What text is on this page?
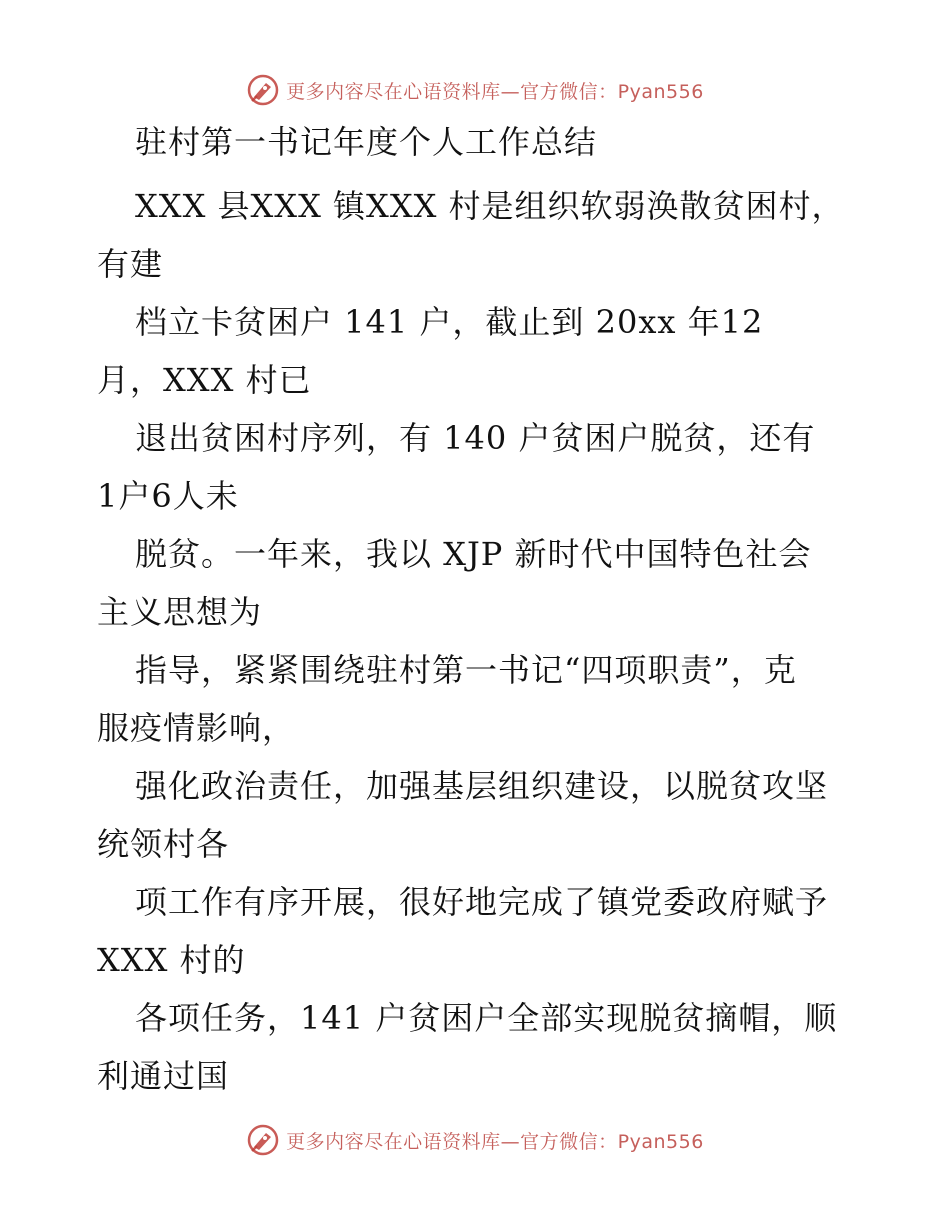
更多内容尽在心语资料库—官方微信：Pyan556
驻村第一书记年度个人工作总结
XXX 县XXX 镇XXX 村是组织软弱涣散贫困村，
有建
档立卡贫困户 141 户，截止到 20xx 年12
月，XXX 村已
退出贫困村序列，有 140 户贫困户脱贫，还有
1户6人未
脱贫。一年来，我以 XJP 新时代中国特色社会
主义思想为
指导，紧紧围绕驻村第一书记“四项职责”，克
服疫情影响，
强化政治责任，加强基层组织建设，以脱贫攻坚
统领村各
项工作有序开展，很好地完成了镇党委政府赋予
XXX 村的
各项任务，141 户贫困户全部实现脱贫摘帽，顺
利通过国
更多内容尽在心语资料库—官方微信：Pyan556
